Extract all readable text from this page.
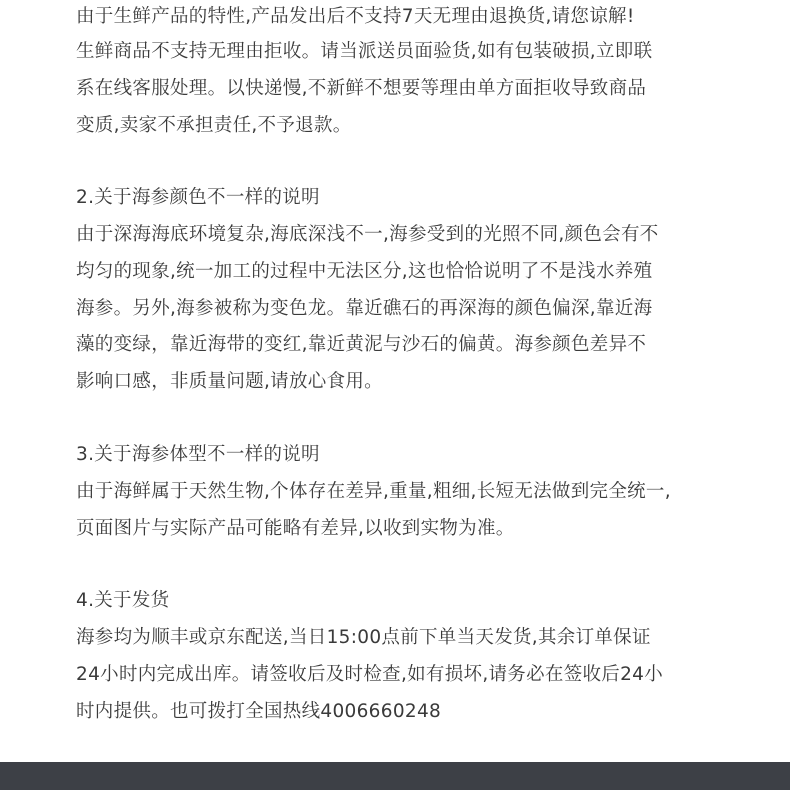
由于生鲜产品的特性,产品发出后不支持7天无理由退换货,请您谅解!
生鲜商品不支持无理由拒收。请当派送员面验货,如有包装破损,立即联
系在线客服处理。以快递慢,不新鲜不想要等理由单方面拒收导致商品
变质,卖家不承担责任,不予退款。
2.关于海参颜色不一样的说明
由于深海海底环境复杂,海底深浅不一,海参受到的光照不同,颜色会有不
均匀的现象,统一加工的过程中无法区分,这也恰恰说明了不是浅水养殖
海参。另外,海参被称为变色龙。靠近礁石的再深海的颜色偏深,靠近海
藻的变绿，靠近海带的变红,靠近黄泥与沙石的偏黄。海参颜色差异不
影响口感，非质量问题,请放心食用。
3.关于海参体型不一样的说明
由于海鲜属于天然生物,个体存在差异,重量,粗细,长短无法做到完全统一,
页面图片与实际产品可能略有差异,以收到实物为准。
4.关于发货
海参均为顺丰或京东配送,当日15:00点前下单当天发货,其余订单保证
24小时内完成出库。请签收后及时检查,如有损坏,请务必在签收后24小
时内提供。也可拨打全国热线4006660248
